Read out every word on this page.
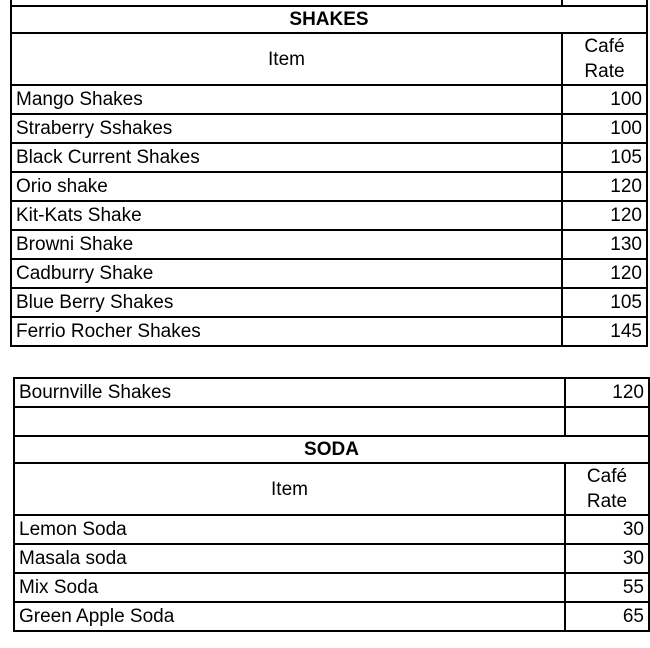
SHAKES	
Item	Café
Rate
Mango Shakes	100
Straberry Sshakes	100
Black Current Shakes	105
Orio shake	120
Kit-Kats Shake	120
Browni Shake	130
Cadburry Shake	120
Blue Berry Shakes	105
Ferrio Rocher Shakes	145
Bournville Shakes	120

SODA	
Item	Café
Rate
Lemon Soda	30
Masala soda	30
Mix Soda	55
Green Apple Soda	65
